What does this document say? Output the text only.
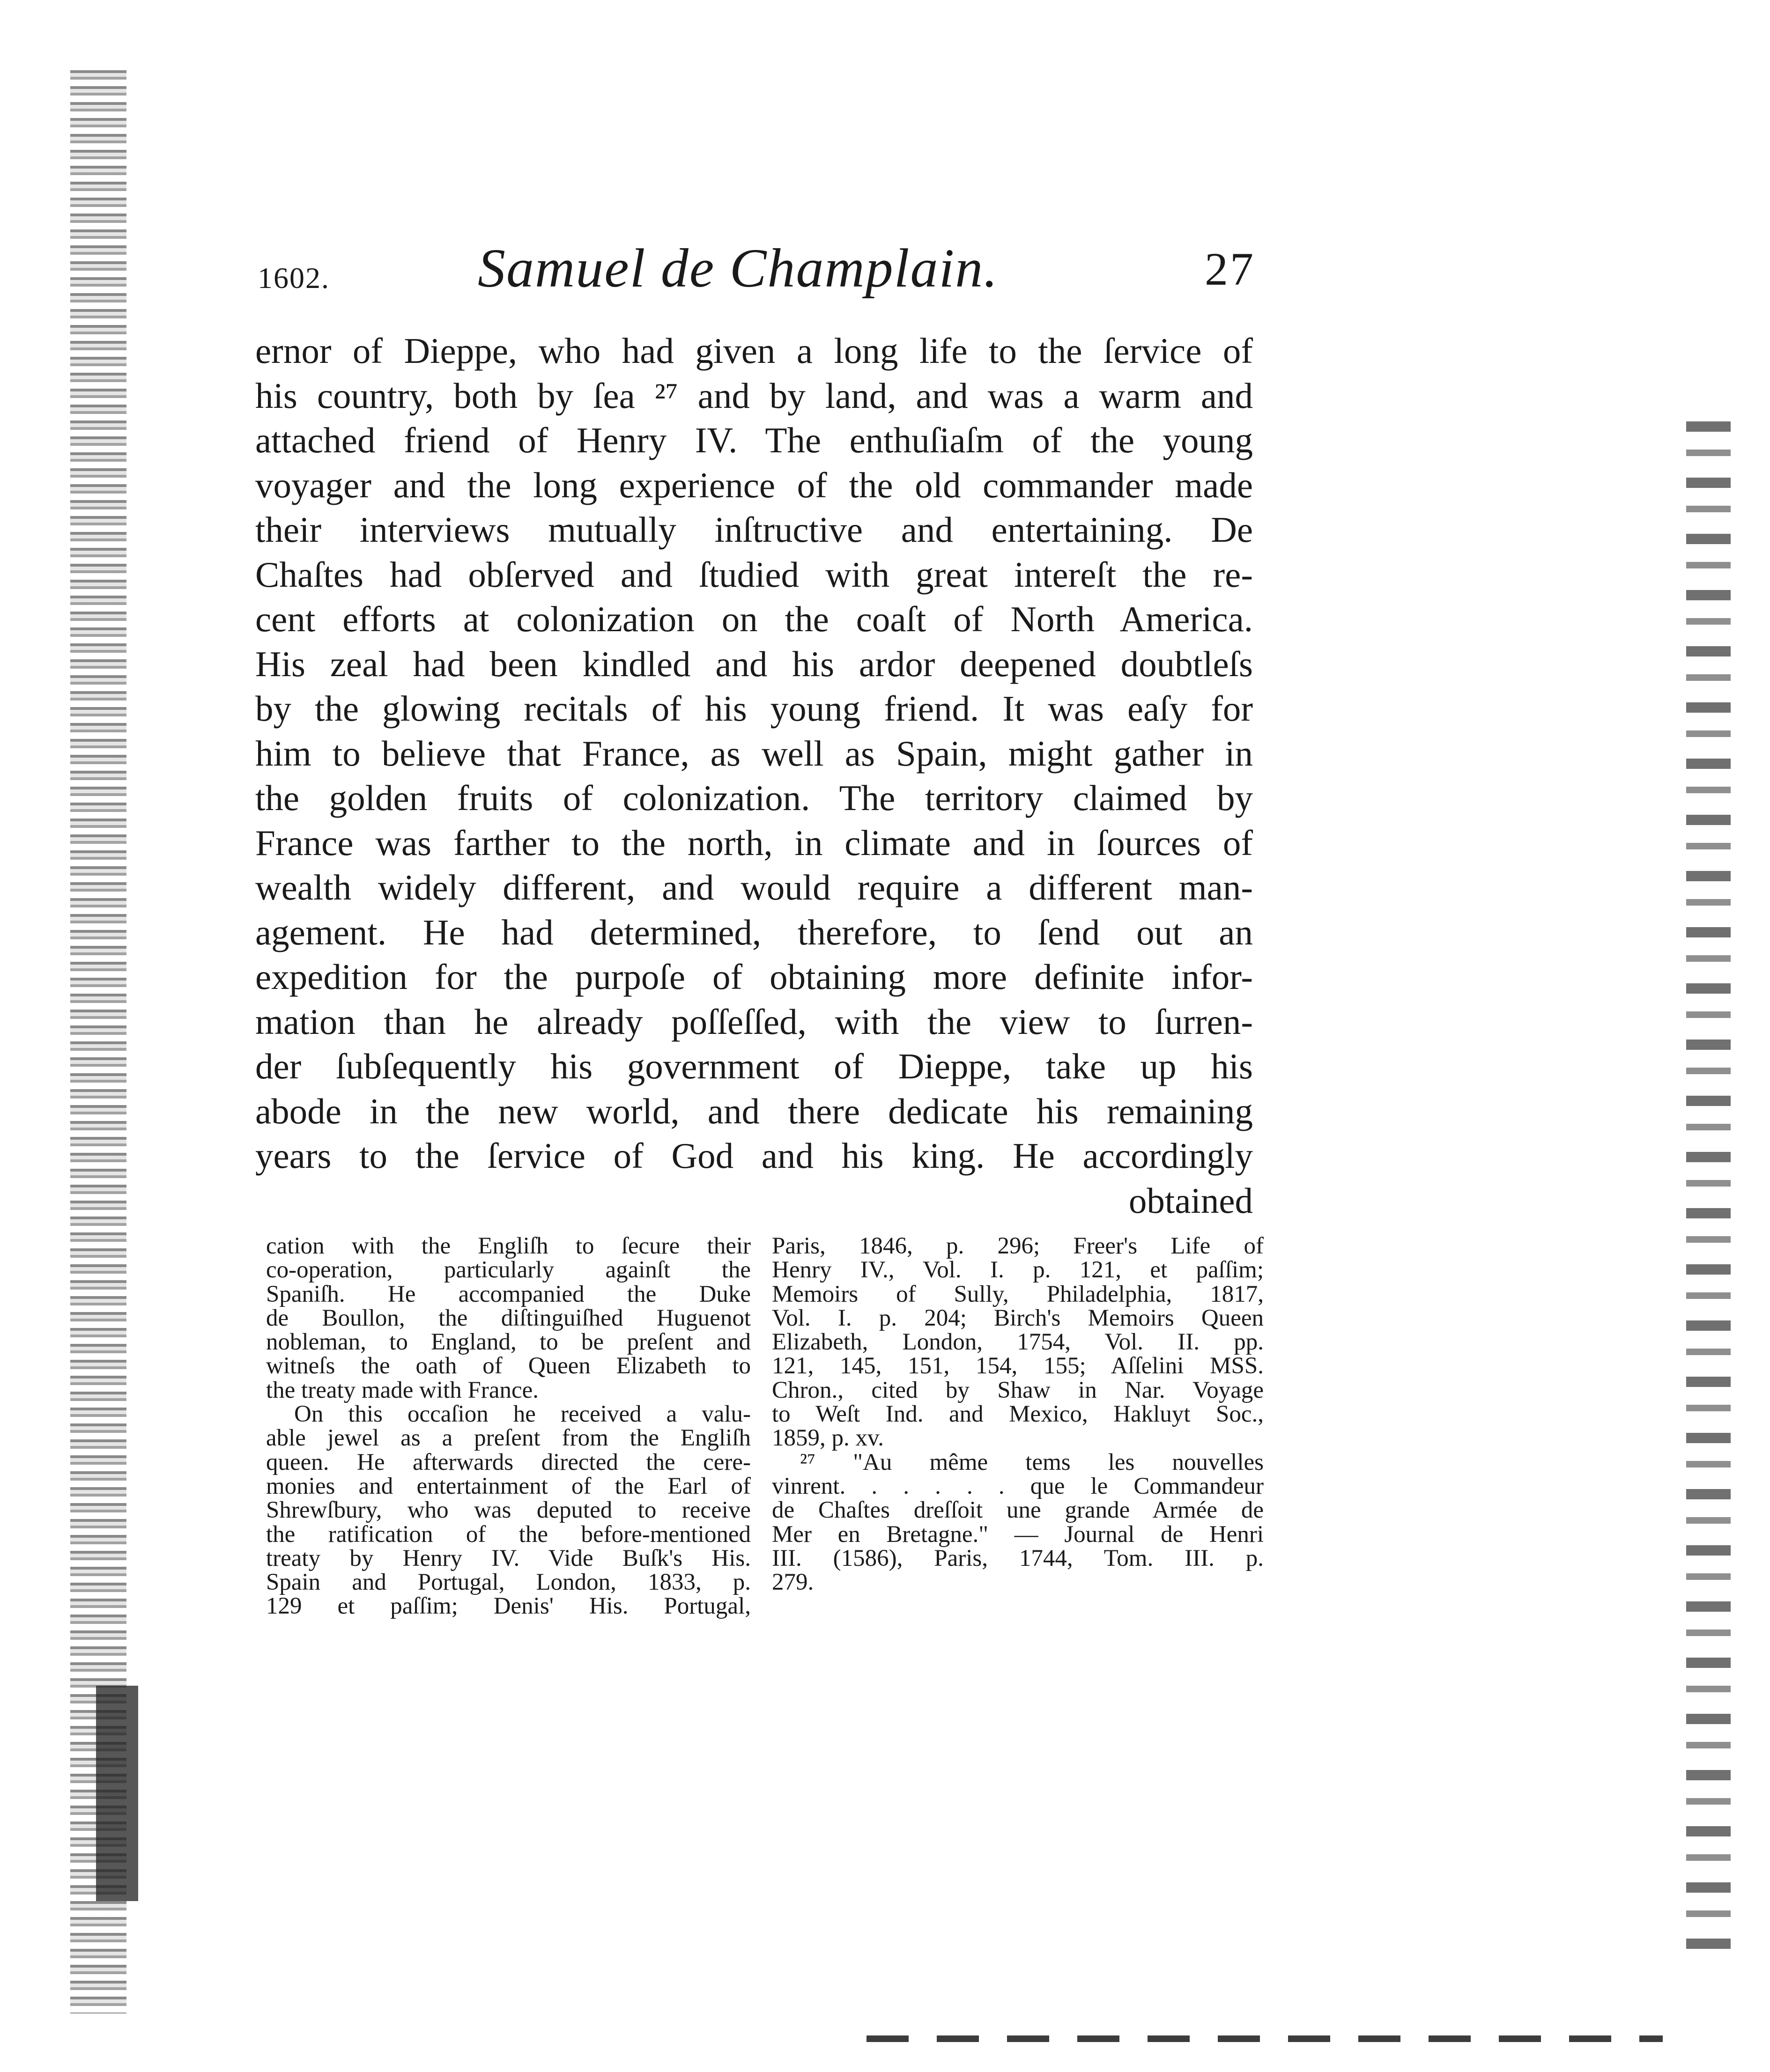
1602.	Samuel de Champlain.	27
ernor of Dieppe, who had given a long life to the ſervice of
his country, both by ſea ²⁷ and by land, and was a warm and
attached friend of Henry IV. The enthuſiaſm of the young
voyager and the long experience of the old commander made
their interviews mutually inſtructive and entertaining. De
Chaſtes had obſerved and ſtudied with great intereſt the re-
cent efforts at colonization on the coaſt of North America.
His zeal had been kindled and his ardor deepened doubtleſs
by the glowing recitals of his young friend. It was eaſy for
him to believe that France, as well as Spain, might gather in
the golden fruits of colonization. The territory claimed by
France was farther to the north, in climate and in ſources of
wealth widely different, and would require a different man-
agement. He had determined, therefore, to ſend out an
expedition for the purpoſe of obtaining more definite infor-
mation than he already poſſeſſed, with the view to ſurren-
der ſubſequently his government of Dieppe, take up his
abode in the new world, and there dedicate his remaining
years to the ſervice of God and his king. He accordingly
obtained
cation with the Engliſh to ſecure their
co-operation, particularly againſt the
Spaniſh. He accompanied the Duke
de Boullon, the diſtinguiſhed Huguenot
nobleman, to England, to be preſent and
witneſs the oath of Queen Elizabeth to
the treaty made with France.
On this occaſion he received a valu-
able jewel as a preſent from the Engliſh
queen. He afterwards directed the cere-
monies and entertainment of the Earl of
Shrewſbury, who was deputed to receive
the ratification of the before-mentioned
treaty by Henry IV. Vide Buſk's His.
Spain and Portugal, London, 1833, p.
129 et paſſim; Denis' His. Portugal,
Paris, 1846, p. 296; Freer's Life of
Henry IV., Vol. I. p. 121, et paſſim;
Memoirs of Sully, Philadelphia, 1817,
Vol. I. p. 204; Birch's Memoirs Queen
Elizabeth, London, 1754, Vol. II. pp.
121, 145, 151, 154, 155; Aſſelini MSS.
Chron., cited by Shaw in Nar. Voyage
to Weſt Ind. and Mexico, Hakluyt Soc.,
1859, p. xv.
²⁷ "Au même tems les nouvelles
vinrent. . . . . . que le Commandeur
de Chaſtes dreſſoit une grande Armée de
Mer en Bretagne." — Journal de Henri
III. (1586), Paris, 1744, Tom. III. p.
279.
